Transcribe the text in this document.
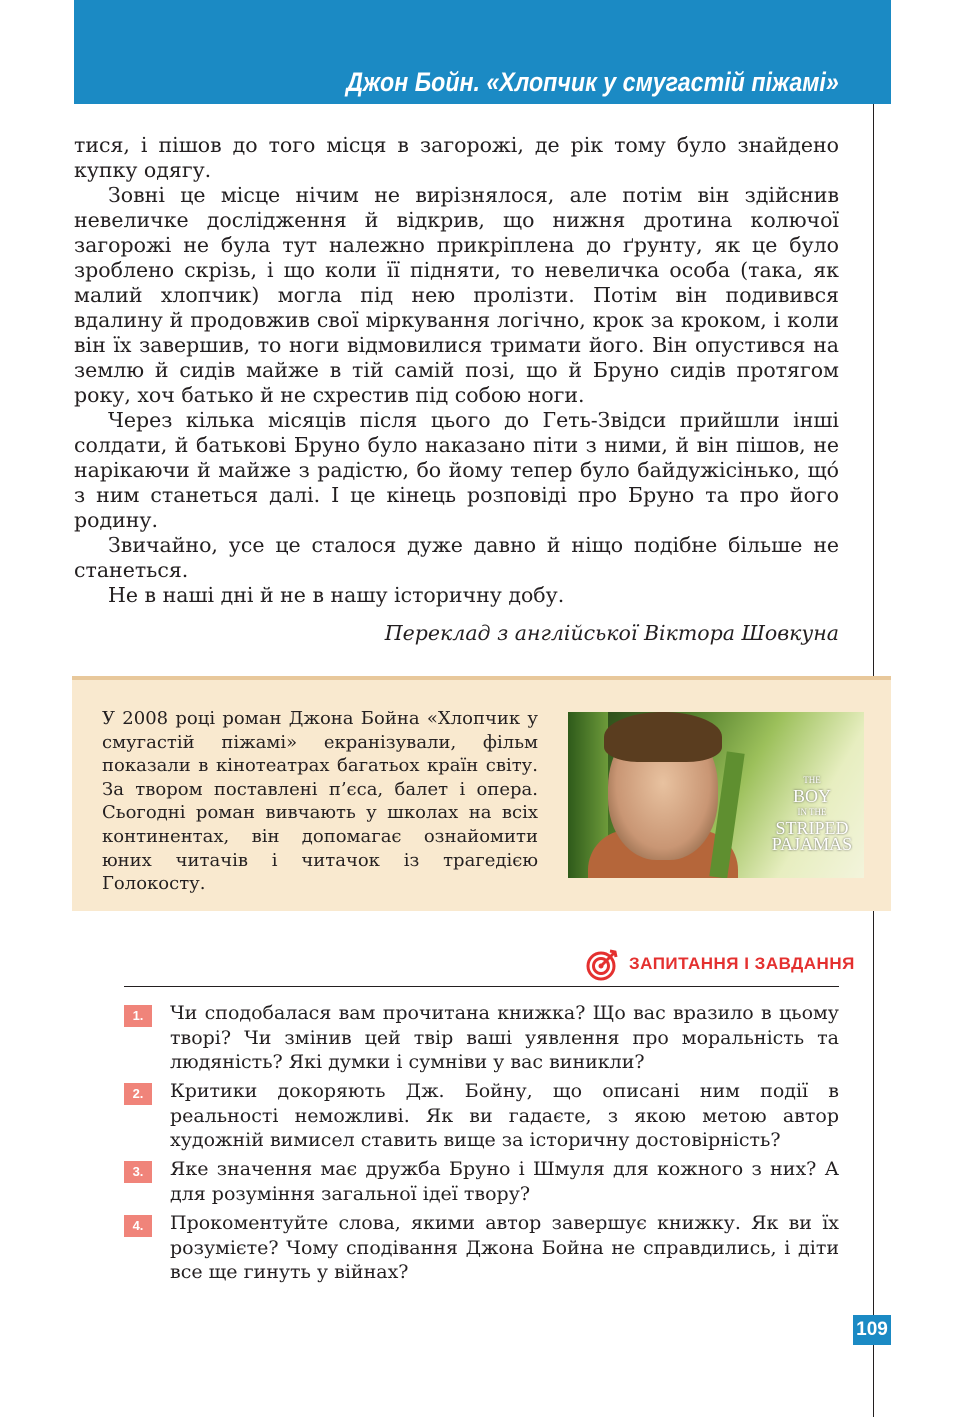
Джон Бойн. «Хлопчик у смугастій піжамі»

тися, і пішов до того місця в загорожі, де рік тому було знайдено купку одягу.

Зовні це місце нічим не вирізнялося, але потім він здійснив невеличке дослідження й відкрив, що нижня дротина колючої загорожі не була тут належно прикріплена до ґрунту, як це було зроблено скрізь, і що коли її підняти, то невеличка особа (така, як малий хлопчик) могла під нею пролізти. Потім він подивився вдалину й продовжив свої міркування логічно, крок за кроком, і коли він їх завершив, то ноги відмовилися тримати його. Він опустився на землю й сидів майже в тій самій позі, що й Бруно сидів протягом року, хоч батько й не схрестив під собою ноги.

Через кілька місяців після цього до Геть-Звідси прийшли інші солдати, й батькові Бруно було наказано піти з ними, й він пішов, не нарікаючи й майже з радістю, бо йому тепер було байдужісінько, що́ з ним станеться далі. І це кінець розповіді про Бруно та про його родину.

Звичайно, усе це сталося дуже давно й ніщо подібне більше не станеться.

Не в наші дні й не в нашу історичну добу.

Переклад з англійської Віктора Шовкуна
У 2008 році роман Джона Бойна «Хлопчик у смугастій піжамі» екранізували, фільм показали в кінотеатрах багатьох країн світу. За твором поставлені п’єса, балет і опера. Сьогодні роман вивчають у школах на всіх континентах, він допомагає ознайомити юних читачів і читачок із трагедією Голокосту.
THE
BOY
IN THE
STRIPED
PAJAMAS
ЗАПИТАННЯ І ЗАВДАННЯ
1.	Чи сподобалася вам прочитана книжка? Що вас вразило в цьому творі? Чи змінив цей твір ваші уявлення про моральність та людяність? Які думки і сумніви у вас виникли?
2.	Критики докоряють Дж. Бойну, що описані ним події в реальності неможливі. Як ви гадаєте, з якою метою автор художній вимисел ставить вище за історичну достовірність?
3.	Яке значення має дружба Бруно і Шмуля для кожного з них? А для розуміння загальної ідеї твору?
4.	Прокоментуйте слова, якими автор завершує книжку. Як ви їх розумієте? Чому сподівання Джона Бойна не справдились, і діти все ще гинуть у війнах?
109
